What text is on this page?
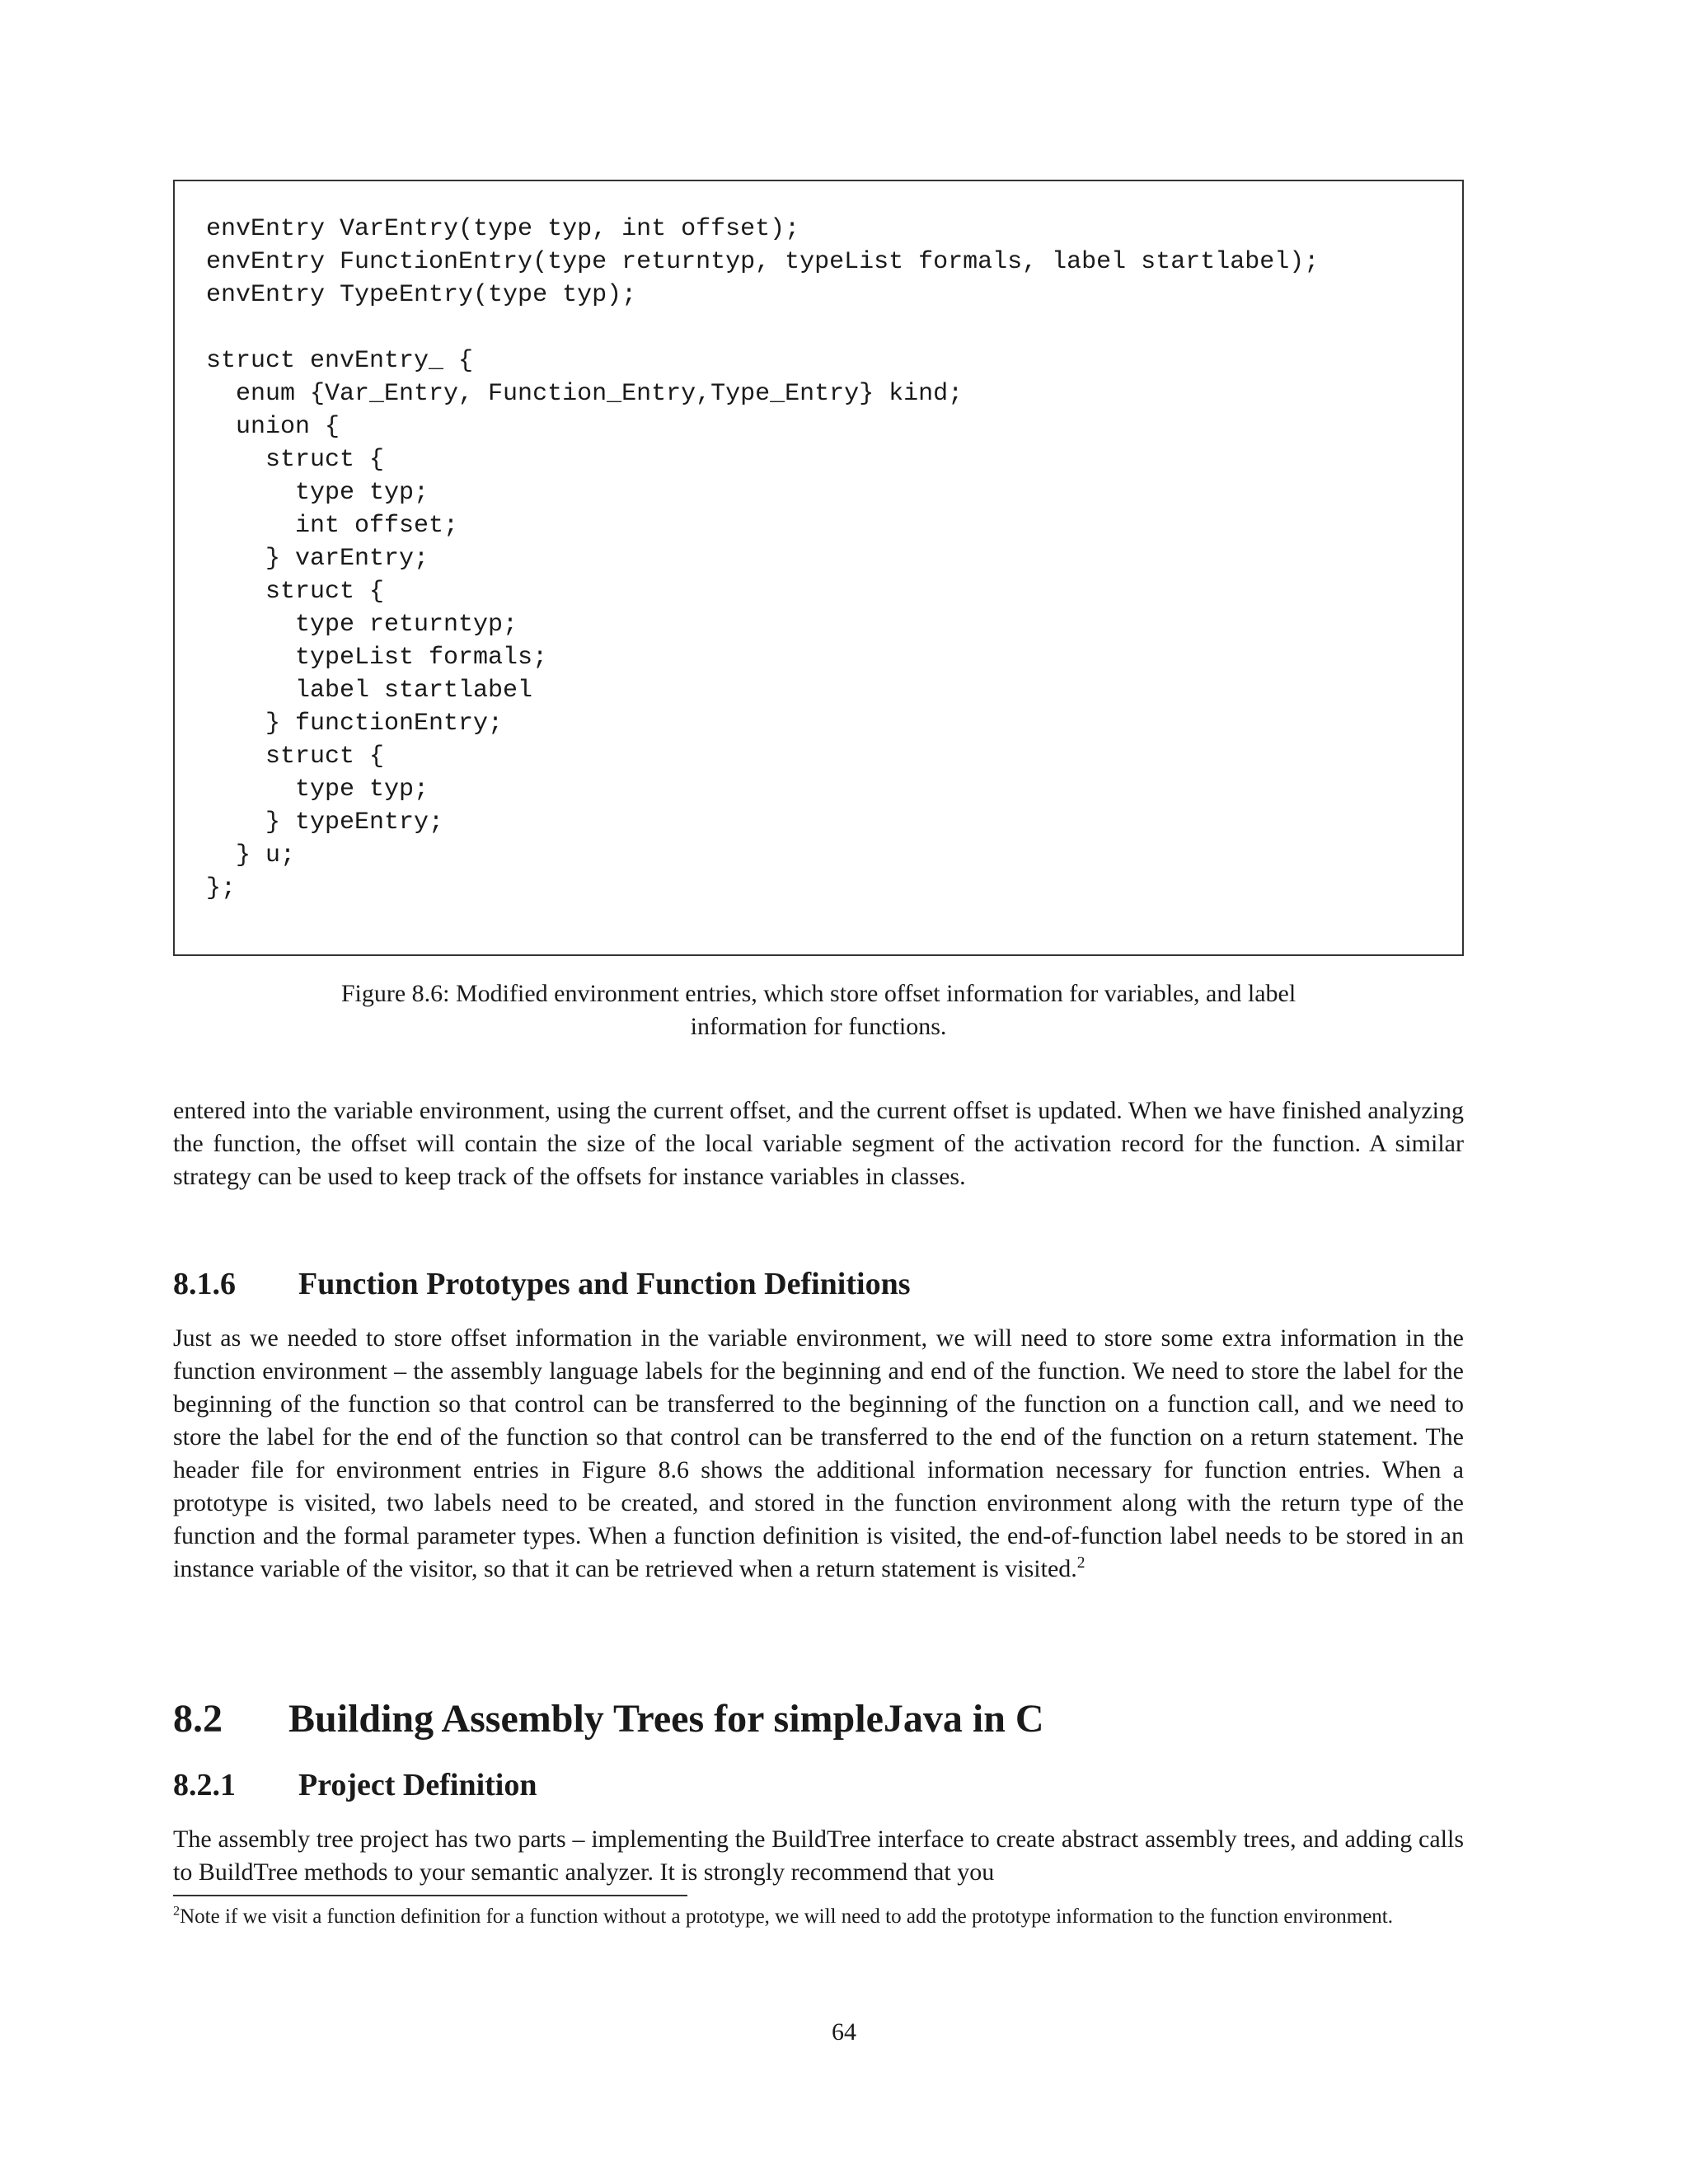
envEntry VarEntry(type typ, int offset);
envEntry FunctionEntry(type returntyp, typeList formals, label startlabel);
envEntry TypeEntry(type typ);

struct envEntry_ {
enum {Var_Entry, Function_Entry,Type_Entry} kind;
union {
struct {
type typ;
int offset;
} varEntry;
struct {
type returntyp;
typeList formals;
label startlabel
} functionEntry;
struct {
type typ;
} typeEntry;
} u;
};
Figure 8.6: Modified environment entries, which store offset information for variables, and label
information for functions.

entered into the variable environment, using the current offset, and the current offset is updated. When we have finished analyzing the function, the offset will contain the size of the local variable segment of the activation record for the function. A similar strategy can be used to keep track of the offsets for instance variables in classes.

8.1.6 Function Prototypes and Function Definitions

Just as we needed to store offset information in the variable environment, we will need to store some extra information in the function environment – the assembly language labels for the beginning and end of the function. We need to store the label for the beginning of the function so that control can be transferred to the beginning of the function on a function call, and we need to store the label for the end of the function so that control can be transferred to the end of the function on a return statement. The header file for environment entries in Figure 8.6 shows the additional information necessary for function entries. When a prototype is visited, two labels need to be created, and stored in the function environment along with the return type of the function and the formal parameter types. When a function definition is visited, the end-of-function label needs to be stored in an instance variable of the visitor, so that it can be retrieved when a return statement is visited.$^2$

8.2 Building Assembly Trees for simpleJava in C
8.2.1 Project Definition

The assembly tree project has two parts – implementing the BuildTree interface to create abstract assembly trees, and adding calls to BuildTree methods to your semantic analyzer. It is strongly recommend that you

$^2$Note if we visit a function definition for a function without a prototype, we will need to add the prototype information to the function environment.

64
